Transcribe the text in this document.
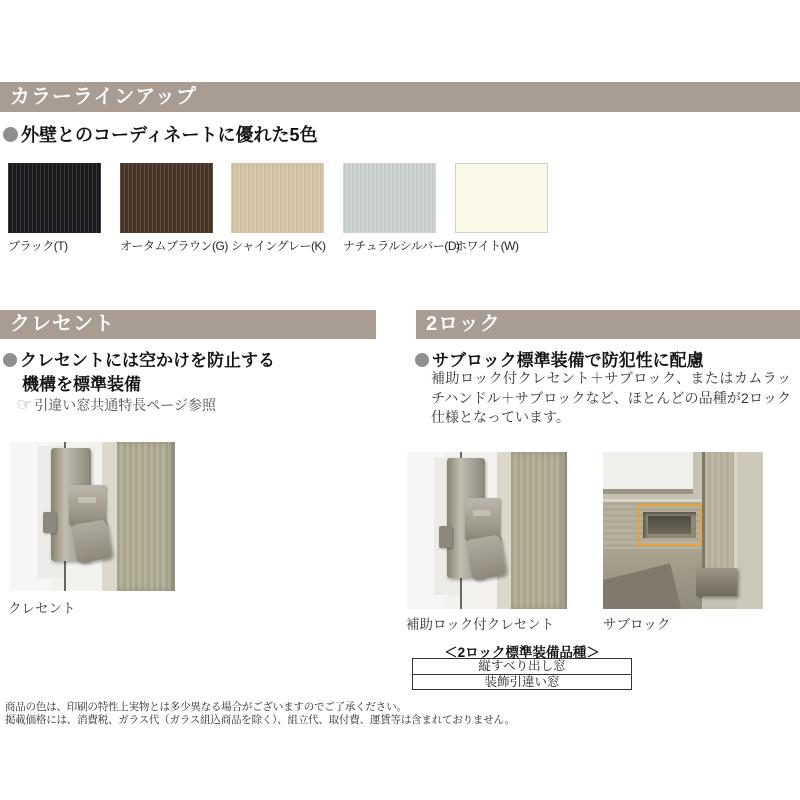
カラーラインアップ
外壁とのコーディネートに優れた5色
ブラック(T)	オータムブラウン(G) シャイングレー(K) ナチュラルシルバー(D)
ホワイト(W)
クレセント
クレセントには空かけを防止する
機構を標準装備
☞ 引違い窓共通特長ページ参照
クレセント
2ロック
サブロック標準装備で防犯性に配慮
補助ロック付クレセント＋サブロック、またはカムラッチハンドル＋サブロックなど、ほとんどの品種が2ロック仕様となっています。
補助ロック付クレセント	サブロック
＜2ロック標準装備品種＞
縦すべり出し窓
装飾引違い窓
商品の色は、印刷の特性上実物とは多少異なる場合がございますのでご了承ください。
掲載価格には、消費税、ガラス代（ガラス組込商品を除く）、組立代、取付費、運賃等は含まれておりません。
